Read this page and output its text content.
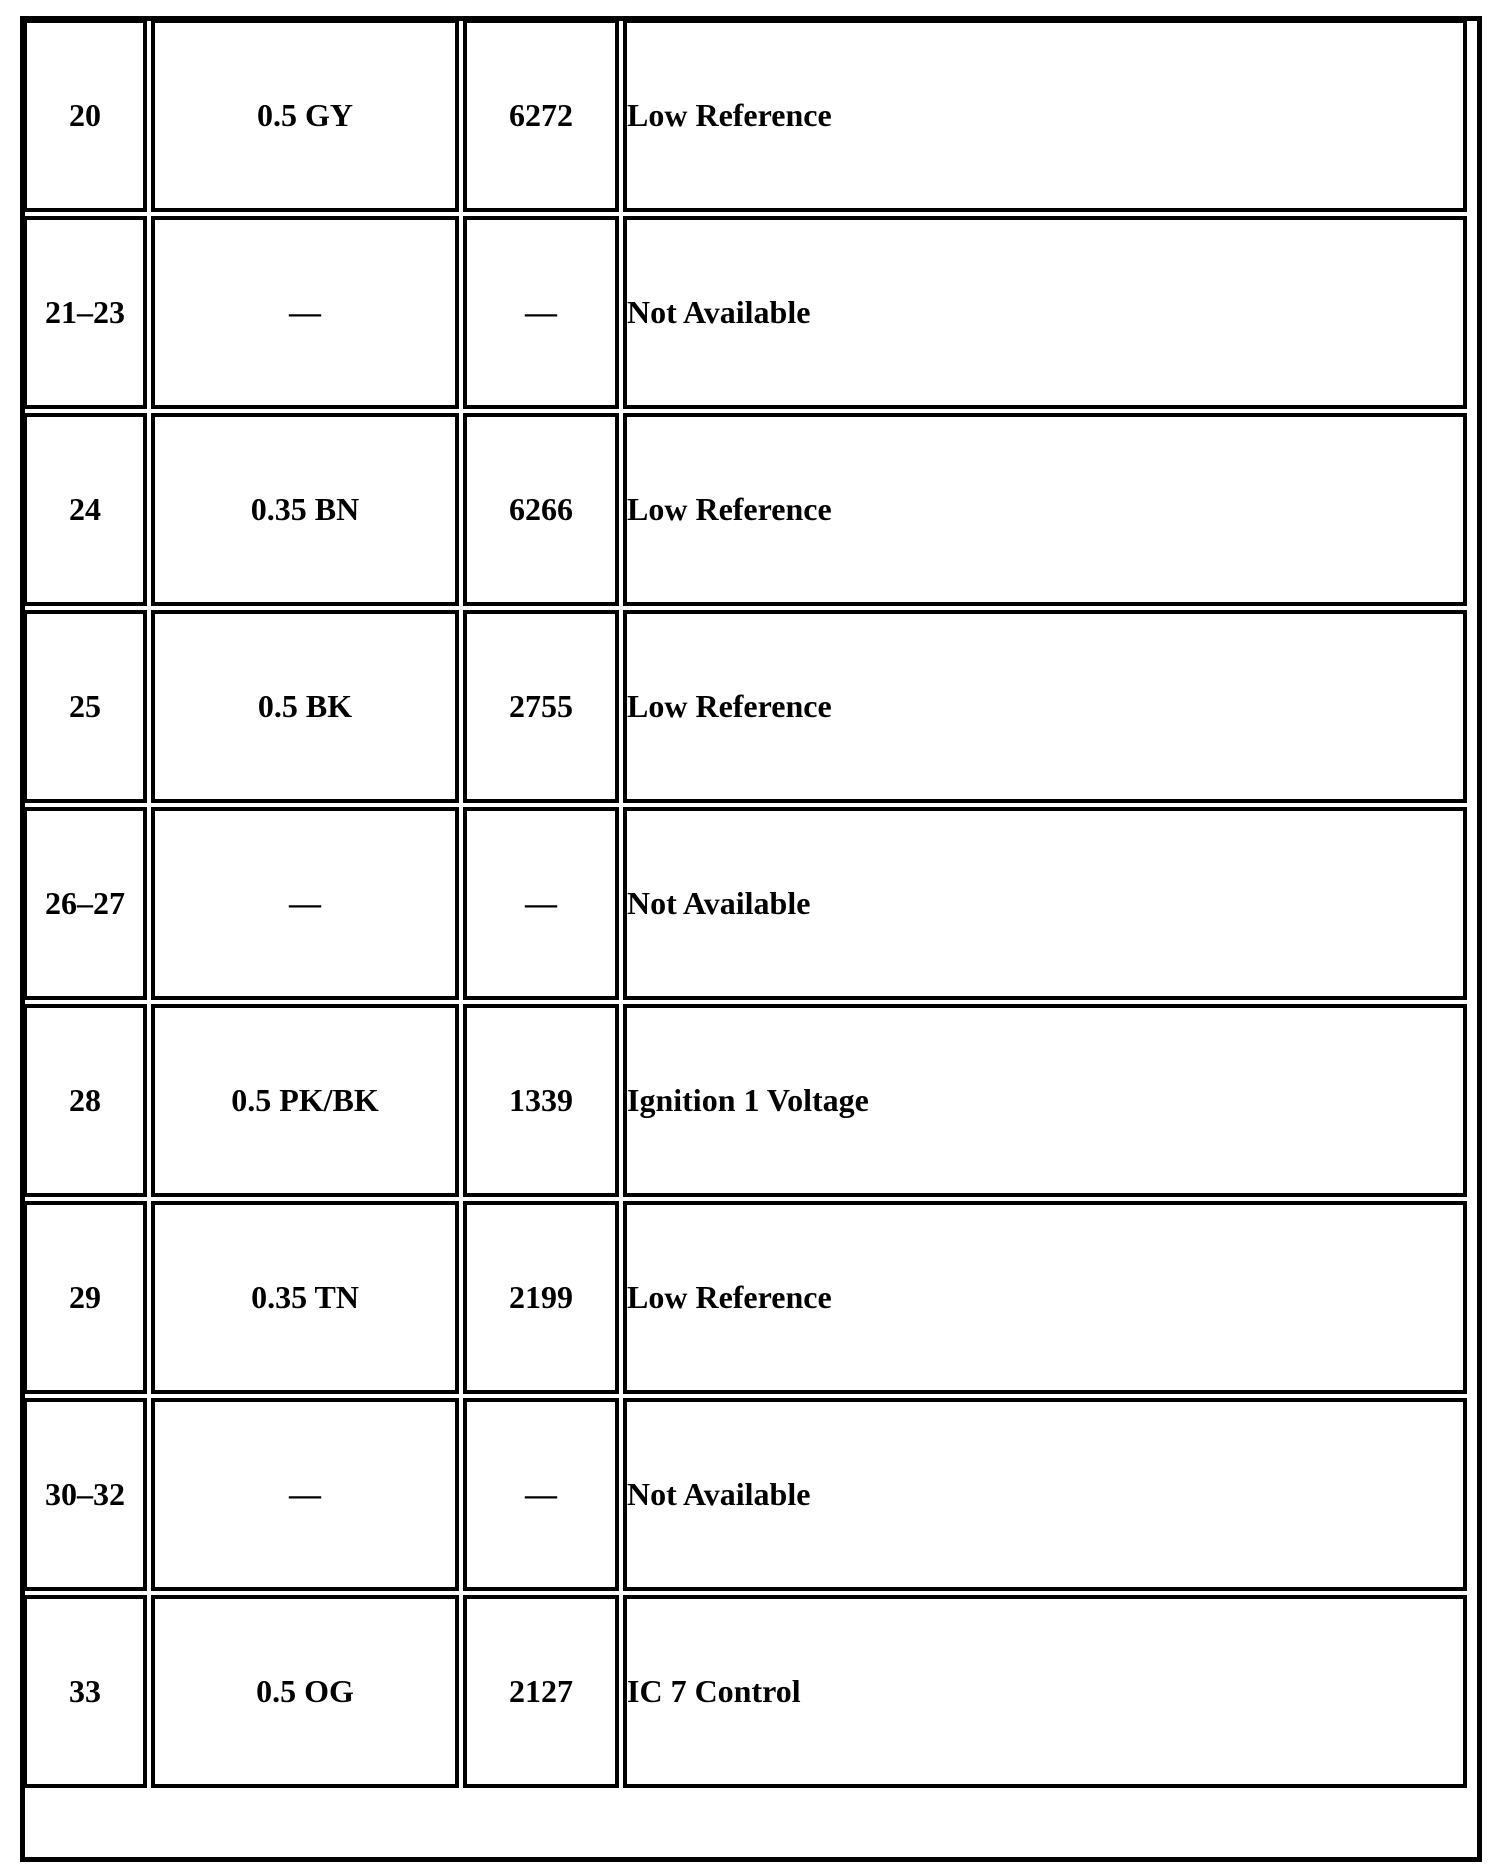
20	0.5 GY	6272	Low Reference
21–23	—	—	Not Available
24	0.35 BN	6266	Low Reference
25	0.5 BK	2755	Low Reference
26–27	—	—	Not Available
28	0.5 PK/BK	1339	Ignition 1 Voltage
29	0.35 TN	2199	Low Reference
30–32	—	—	Not Available
33	0.5 OG	2127	IC 7 Control
